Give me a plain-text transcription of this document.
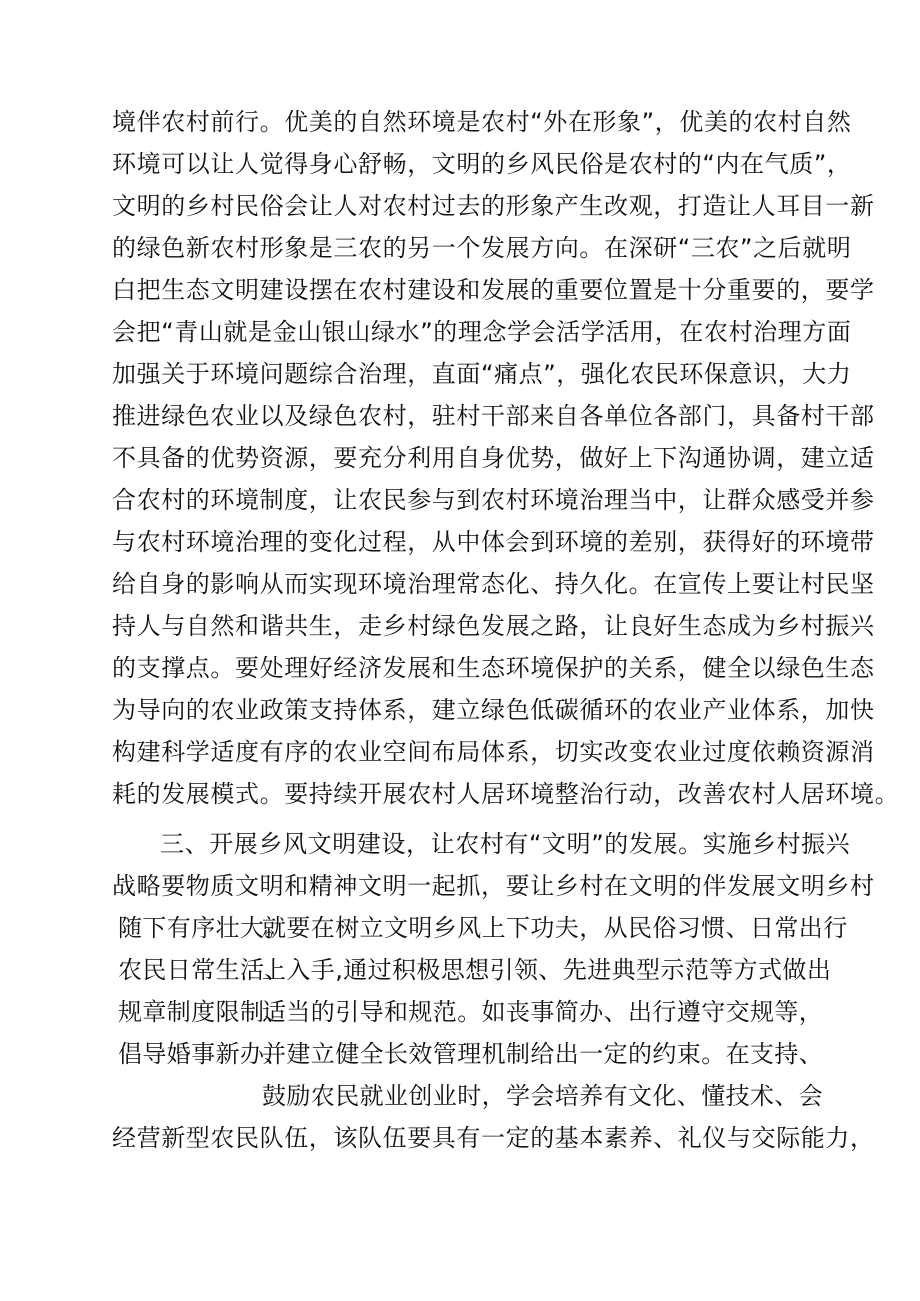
境伴农村前行。优美的自然环境是农村“外在形象”，优美的农村自然
环境可以让人觉得身心舒畅，文明的乡风民俗是农村的“内在气质”，
文明的乡村民俗会让人对农村过去的形象产生改观，打造让人耳目一新
的绿色新农村形象是三农的另一个发展方向。在深研“三农”之后就明
白把生态文明建设摆在农村建设和发展的重要位置是十分重要的，要学
会把“青山就是金山银山绿水”的理念学会活学活用，在农村治理方面
加强关于环境问题综合治理，直面“痛点”，强化农民环保意识，大力
推进绿色农业以及绿色农村，驻村干部来自各单位各部门，具备村干部
不具备的优势资源，要充分利用自身优势，做好上下沟通协调，建立适
合农村的环境制度，让农民参与到农村环境治理当中，让群众感受并参
与农村环境治理的变化过程，从中体会到环境的差别，获得好的环境带
给自身的影响从而实现环境治理常态化、持久化。在宣传上要让村民坚
持人与自然和谐共生，走乡村绿色发展之路，让良好生态成为乡村振兴
的支撑点。要处理好经济发展和生态环境保护的关系，健全以绿色生态
为导向的农业政策支持体系，建立绿色低碳循环的农业产业体系，加快
构建科学适度有序的农业空间布局体系，切实改变农业过度依赖资源消
耗的发展模式。要持续开展农村人居环境整治行动，改善农村人居环境。
三、开展乡风文明建设，让农村有“文明”的发展。实施乡村振兴
战略要物质文明和精神文明一起抓，要让乡村在文明的伴发展文明乡村
随下有序壮大。
就要在树立文明乡风上下功夫，从民俗习惯、日常出行
农民日常生活、
上入手,通过积极思想引领、先进典型示范等方式做出
规章制度限制、
适当的引导和规范。如丧事简办、出行遵守交规等，
倡导婚事新办、
并建立健全长效管理机制给出一定的约束。在支持、
鼓励农民就业创业时，学会培养有文化、懂技术、会
经营新型农民队伍，该队伍要具有一定的基本素养、礼仪与交际能力，
